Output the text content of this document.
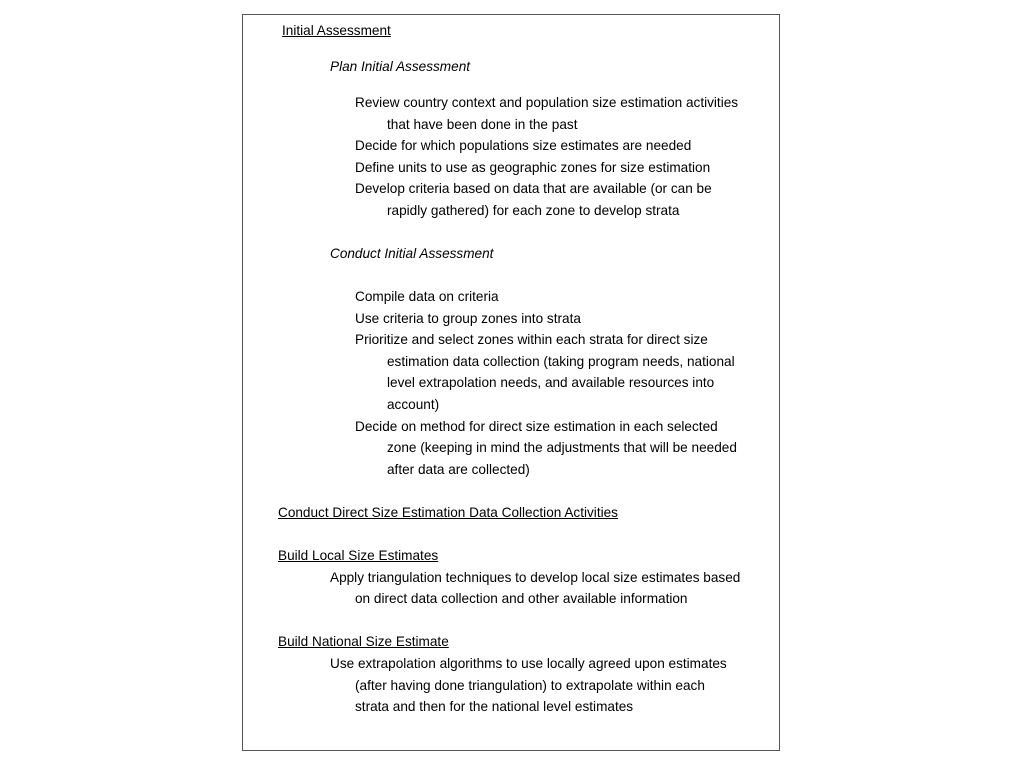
Initial Assessment

Plan Initial Assessment

Review country context and population size estimation activities

that have been done in the past

Decide for which populations size estimates are needed

Define units to use as geographic zones for size estimation

Develop criteria based on data that are available (or can be

rapidly gathered) for each zone to develop strata

Conduct Initial Assessment

Compile data on criteria

Use criteria to group zones into strata

Prioritize and select zones within each strata for direct size

estimation data collection (taking program needs, national

level extrapolation needs, and available resources into

account)

Decide on method for direct size estimation in each selected

zone (keeping in mind the adjustments that will be needed

after data are collected)

Conduct Direct Size Estimation Data Collection Activities

Build Local Size Estimates

Apply triangulation techniques to develop local size estimates based

on direct data collection and other available information

Build National Size Estimate

Use extrapolation algorithms to use locally agreed upon estimates

(after having done triangulation) to extrapolate within each

strata and then for the national level estimates
